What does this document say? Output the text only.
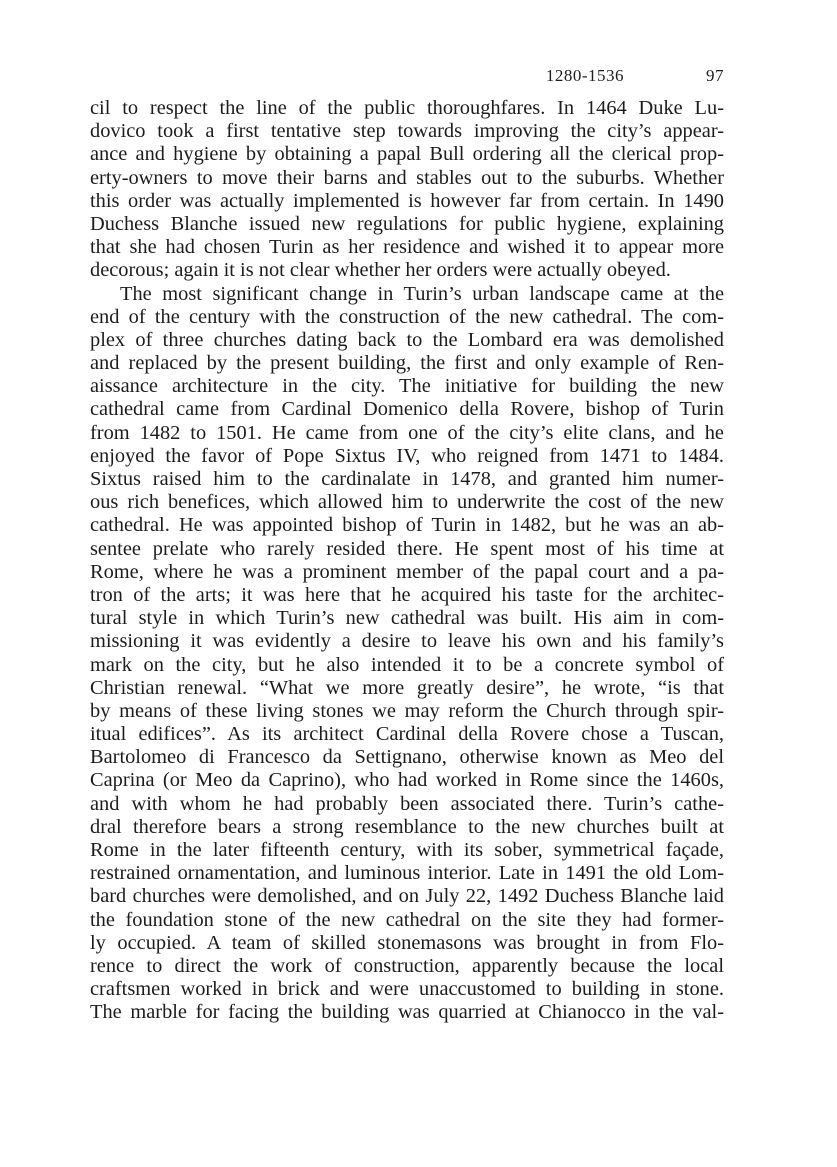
1280-1536	97
cil to respect the line of the public thoroughfares. In 1464 Duke Lu-
dovico took a first tentative step towards improving the city’s appear-
ance and hygiene by obtaining a papal Bull ordering all the clerical prop-
erty-owners to move their barns and stables out to the suburbs. Whether
this order was actually implemented is however far from certain. In 1490
Duchess Blanche issued new regulations for public hygiene, explaining
that she had chosen Turin as her residence and wished it to appear more
decorous; again it is not clear whether her orders were actually obeyed.
The most significant change in Turin’s urban landscape came at the
end of the century with the construction of the new cathedral. The com-
plex of three churches dating back to the Lombard era was demolished
and replaced by the present building, the first and only example of Ren-
aissance architecture in the city. The initiative for building the new
cathedral came from Cardinal Domenico della Rovere, bishop of Turin
from 1482 to 1501. He came from one of the city’s elite clans, and he
enjoyed the favor of Pope Sixtus IV, who reigned from 1471 to 1484.
Sixtus raised him to the cardinalate in 1478, and granted him numer-
ous rich benefices, which allowed him to underwrite the cost of the new
cathedral. He was appointed bishop of Turin in 1482, but he was an ab-
sentee prelate who rarely resided there. He spent most of his time at
Rome, where he was a prominent member of the papal court and a pa-
tron of the arts; it was here that he acquired his taste for the architec-
tural style in which Turin’s new cathedral was built. His aim in com-
missioning it was evidently a desire to leave his own and his family’s
mark on the city, but he also intended it to be a concrete symbol of
Christian renewal. “What we more greatly desire”, he wrote, “is that
by means of these living stones we may reform the Church through spir-
itual edifices”. As its architect Cardinal della Rovere chose a Tuscan,
Bartolomeo di Francesco da Settignano, otherwise known as Meo del
Caprina (or Meo da Caprino), who had worked in Rome since the 1460s,
and with whom he had probably been associated there. Turin’s cathe-
dral therefore bears a strong resemblance to the new churches built at
Rome in the later fifteenth century, with its sober, symmetrical façade,
restrained ornamentation, and luminous interior. Late in 1491 the old Lom-
bard churches were demolished, and on July 22, 1492 Duchess Blanche laid
the foundation stone of the new cathedral on the site they had former-
ly occupied. A team of skilled stonemasons was brought in from Flo-
rence to direct the work of construction, apparently because the local
craftsmen worked in brick and were unaccustomed to building in stone.
The marble for facing the building was quarried at Chianocco in the val-
